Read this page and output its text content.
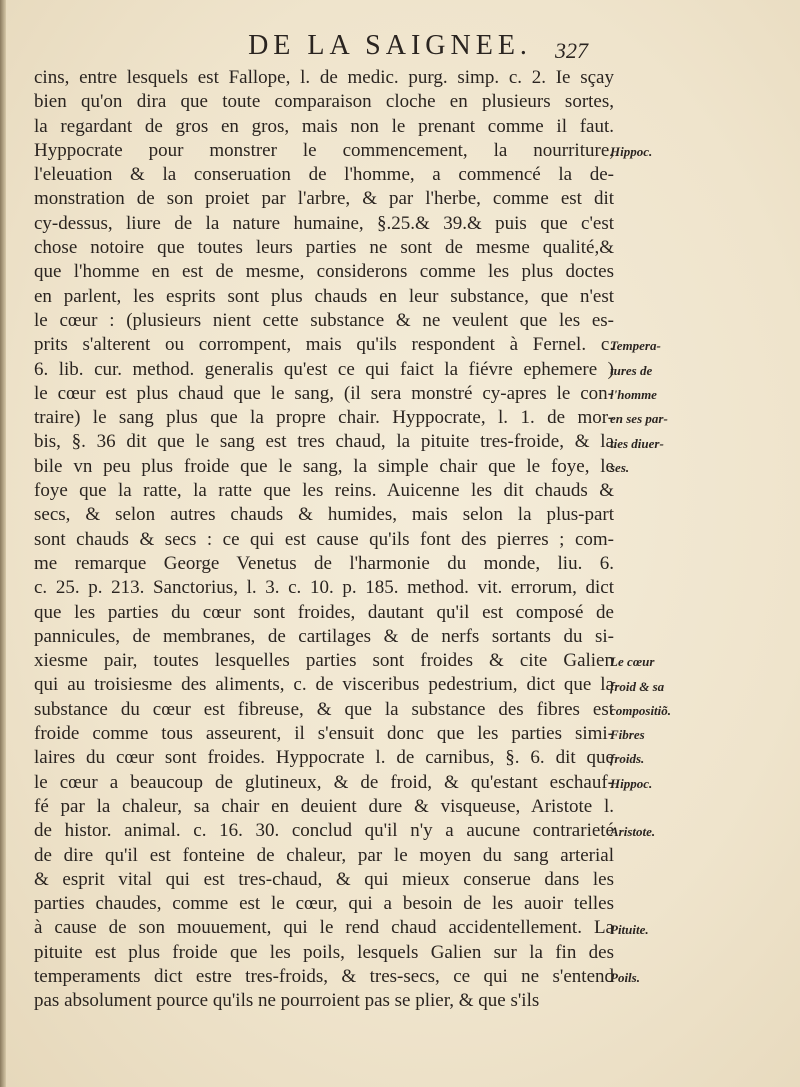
DE LA SAIGNEE.	327
cins, entre lesquels est Fallope, l. de medic. purg. simp. c. 2. Ie sçay
bien qu'on dira que toute comparaison cloche en plusieurs sortes,
la regardant de gros en gros, mais non le prenant comme il faut.
Hyppocrate pour monstrer le commencement, la nourriture,
l'eleuation & la conseruation de l'homme, a commencé la de-
monstration de son proiet par l'arbre, & par l'herbe, comme est dit
cy-dessus, liure de la nature humaine, §.25.& 39.& puis que c'est
chose notoire que toutes leurs parties ne sont de mesme qualité,&
que l'homme en est de mesme, considerons comme les plus doctes
en parlent, les esprits sont plus chauds en leur substance, que n'est
le cœur : (plusieurs nient cette substance & ne veulent que les es-
prits s'alterent ou corrompent, mais qu'ils respondent à Fernel. c.
6. lib. cur. method. generalis qu'est ce qui faict la fiévre ephemere )
le cœur est plus chaud que le sang, (il sera monstré cy-apres le con-
traire) le sang plus que la propre chair. Hyppocrate, l. 1. de mor-
bis, §. 36 dit que le sang est tres chaud, la pituite tres-froide, & la
bile vn peu plus froide que le sang, la simple chair que le foye, le
foye que la ratte, la ratte que les reins. Auicenne les dit chauds &
secs, & selon autres chauds & humides, mais selon la plus-part
sont chauds & secs : ce qui est cause qu'ils font des pierres ; com-
me remarque George Venetus de l'harmonie du monde, liu. 6.
c. 25. p. 213. Sanctorius, l. 3. c. 10. p. 185. method. vit. errorum, dict
que les parties du cœur sont froides, dautant qu'il est composé de
pannicules, de membranes, de cartilages & de nerfs sortants du si-
xiesme pair, toutes lesquelles parties sont froides & cite Galien
qui au troisiesme des aliments, c. de visceribus pedestrium, dict que la
substance du cœur est fibreuse, & que la substance des fibres est
froide comme tous asseurent, il s'ensuit donc que les parties simi-
laires du cœur sont froides. Hyppocrate l. de carnibus, §. 6. dit que
le cœur a beaucoup de glutineux, & de froid, & qu'estant eschauf-
fé par la chaleur, sa chair en deuient dure & visqueuse, Aristote l.
de histor. animal. c. 16. 30. conclud qu'il n'y a aucune contrarieté
de dire qu'il est fonteine de chaleur, par le moyen du sang arterial
& esprit vital qui est tres-chaud, & qui mieux conserue dans les
parties chaudes, comme est le cœur, qui a besoin de les auoir telles
à cause de son mouuement, qui le rend chaud accidentellement. La
pituite est plus froide que les poils, lesquels Galien sur la fin des
temperaments dict estre tres-froids, & tres-secs, ce qui ne s'entend
pas absolument pource qu'ils ne pourroient pas se plier, & que s'ils
Hippoc.
Tempera-
tures de
l'homme
en ses par-
ties diuer-
ses.
Le cœur
froid & sa
compositiõ.
Fibres
froids.
Hippoc.
Aristote.
Pituite.
Poils.
